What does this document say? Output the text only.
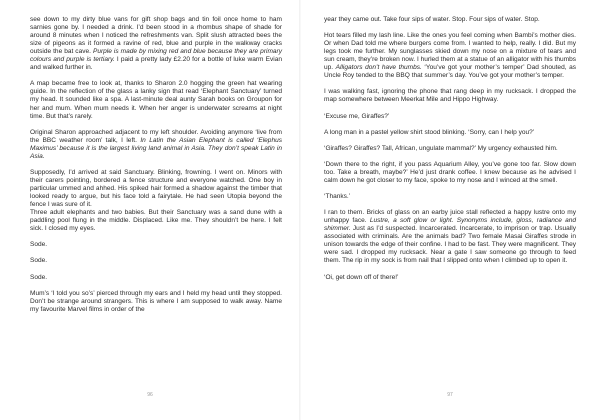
see down to my dirty blue vans for gift shop bags and tin foil once home to ham sarnies gone by. I needed a drink. I’d been stood in a rhombus shape of shade for around 8 minutes when I noticed the refreshments van. Split slush attracted bees the size of pigeons as it formed a ravine of red, blue and purple in the walkway cracks outside the bat cave. Purple is made by mixing red and blue because they are primary colours and purple is tertiary. I paid a pretty lady £2.20 for a bottle of luke warm Evian and walked further in.

A map became free to look at, thanks to Sharon 2.0 hogging the green hat wearing guide. In the reflection of the glass a lanky sign that read ‘Elephant Sanctuary’ turned my head. It sounded like a spa. A last-minute deal aunty Sarah books on Groupon for her and mum. When mum needs it. When her anger is underwater screams at night time. But that’s rarely.

Original Sharon approached adjacent to my left shoulder. Avoiding anymore ‘live from the BBC weather room’ talk, I left. In Latin the Asian Elephant is called ‘Elephus Maximus’ because it is the largest living land animal in Asia. They don’t speak Latin in Asia.

Supposedly, I’d arrived at said Sanctuary. Blinking, frowning. I went on. Minors with their carers pointing, bordered a fence structure and everyone watched. One boy in particular ummed and ahhed. His spiked hair formed a shadow against the timber that looked ready to argue, but his face told a fairytale. He had seen Utopia beyond the fence I was sure of it.

Three adult elephants and two babies. But their Sanctuary was a sand dune with a paddling pool flung in the middle. Displaced. Like me. They shouldn’t be here. I felt sick. I closed my eyes.

Sode.

Sode.

Sode.

Mum’s ‘I told you so’s’ pierced through my ears and I held my head until they stopped. Don’t be strange around strangers. This is where I am supposed to walk away. Name my favourite Marvel films in order of the

96

year they came out. Take four sips of water. Stop. Four sips of water. Stop.

Hot tears filled my lash line. Like the ones you feel coming when Bambi’s mother dies. Or when Dad told me where burgers come from. I wanted to help, really. I did. But my legs took me further. My sunglasses skied down my nose on a mixture of tears and sun cream, they’re broken now. I hurled them at a statue of an alligator with his thumbs up. Alligators don’t have thumbs. ‘You’ve got your mother’s temper’ Dad shouted, as Uncle Roy tended to the BBQ that summer’s day. You’ve got your mother’s temper.

I was walking fast, ignoring the phone that rang deep in my rucksack. I dropped the map somewhere between Meerkat Mile and Hippo Highway.

‘Excuse me, Giraffes?’

A long man in a pastel yellow shirt stood blinking. ‘Sorry, can I help you?’

‘Giraffes? Giraffes? Tall, African, ungulate mammal?’ My urgency exhausted him.

‘Down there to the right, if you pass Aquarium Alley, you’ve gone too far. Slow down too. Take a breath, maybe?’ He’d just drank coffee. I knew because as he advised I calm down he got closer to my face, spoke to my nose and I winced at the smell.

‘Thanks.’

I ran to them. Bricks of glass on an earby juice stall reflected a happy lustre onto my unhappy face. Lustre, a soft glow or light. Synonyms include, gloss, radiance and shimmer. Just as I’d suspected. Incarcerated. Incarcerate, to imprison or trap. Usually associated with criminals. Are the animals bad? Two female Masai Giraffes strode in unison towards the edge of their confine. I had to be fast. They were magnificent. They were sad. I dropped my rucksack. Near a gate I saw someone go through to feed them. The rip in my sock is from nail that I slipped onto when I climbed up to open it.

‘Oi, get down off of there!’

97
